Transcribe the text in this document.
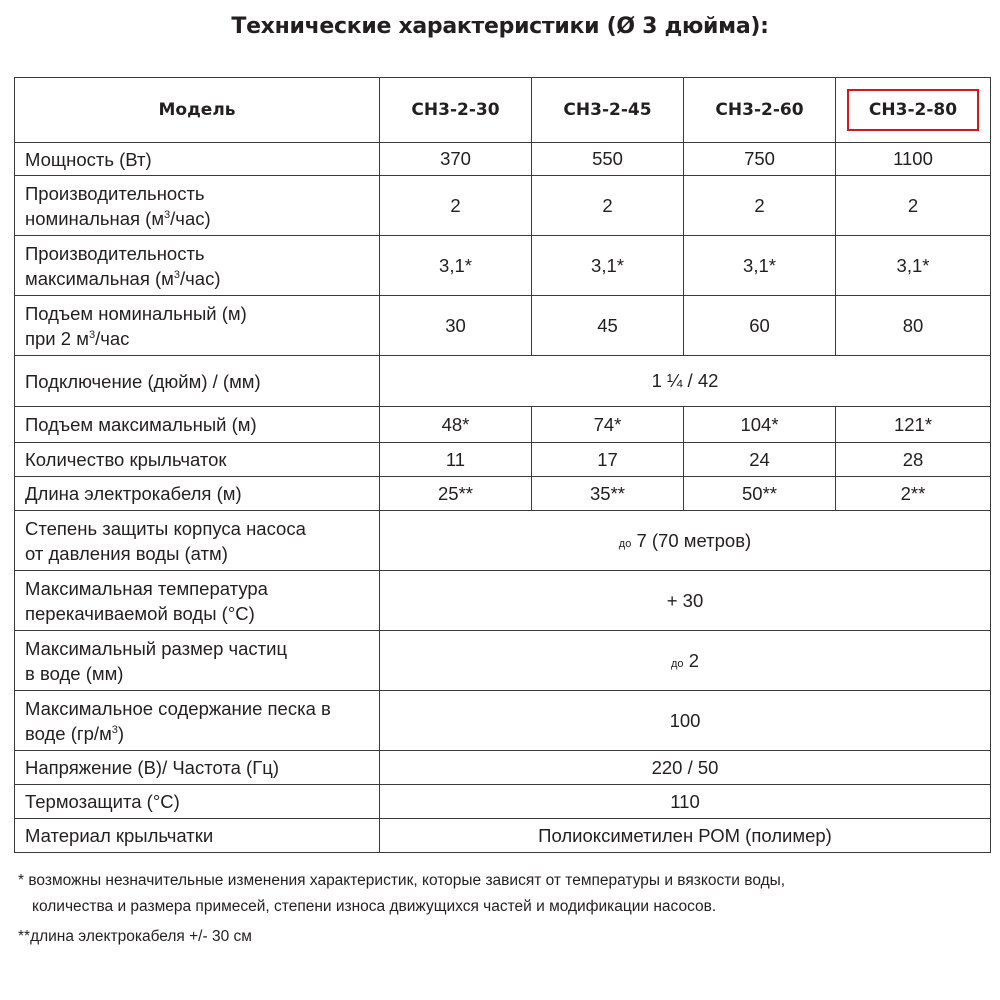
Технические характеристики (Ø 3 дюйма):
Модель	СН3-2-30	СН3-2-45	СН3-2-60	СН3-2-80
Мощность (Вт)	370	550	750	1100
Производительность
номинальная $(м^3/час)$	2	2	2	2
Производительность
максимальная $(м^3/час)$	3,1*	3,1*	3,1*	3,1*
Подъем номинальный (м)
при 2 $м^3$/час	30	45	60	80
Подключение (дюйм) / (мм)	1 ¼ / 42			
Подъем максимальный (м)	48*	74*	104*	121*
Количество крыльчаток	11	17	24	28
Длина электрокабеля (м)	25**	35**	50**	2**
Степень защиты корпуса насоса
от давления воды (атм)	до 7 (70 метров)			
Максимальная температура
перекачиваемой воды (°С)	+ 30			
Максимальный размер частиц
в воде (мм)	до 2			
Максимальное содержание песка в
воде $(гр/м^3)$	100			
Напряжение (В)/ Частота (Гц)	220 / 50			
Термозащита (°С)	110			
Материал крыльчатки	Полиоксиметилен РОМ (полимер)			
* возможны незначительные изменения характеристик, которые зависят от температуры и вязкости воды,
количества и размера примесей, степени износа движущихся частей и модификации насосов.
**длина электрокабеля +/- 30 см
